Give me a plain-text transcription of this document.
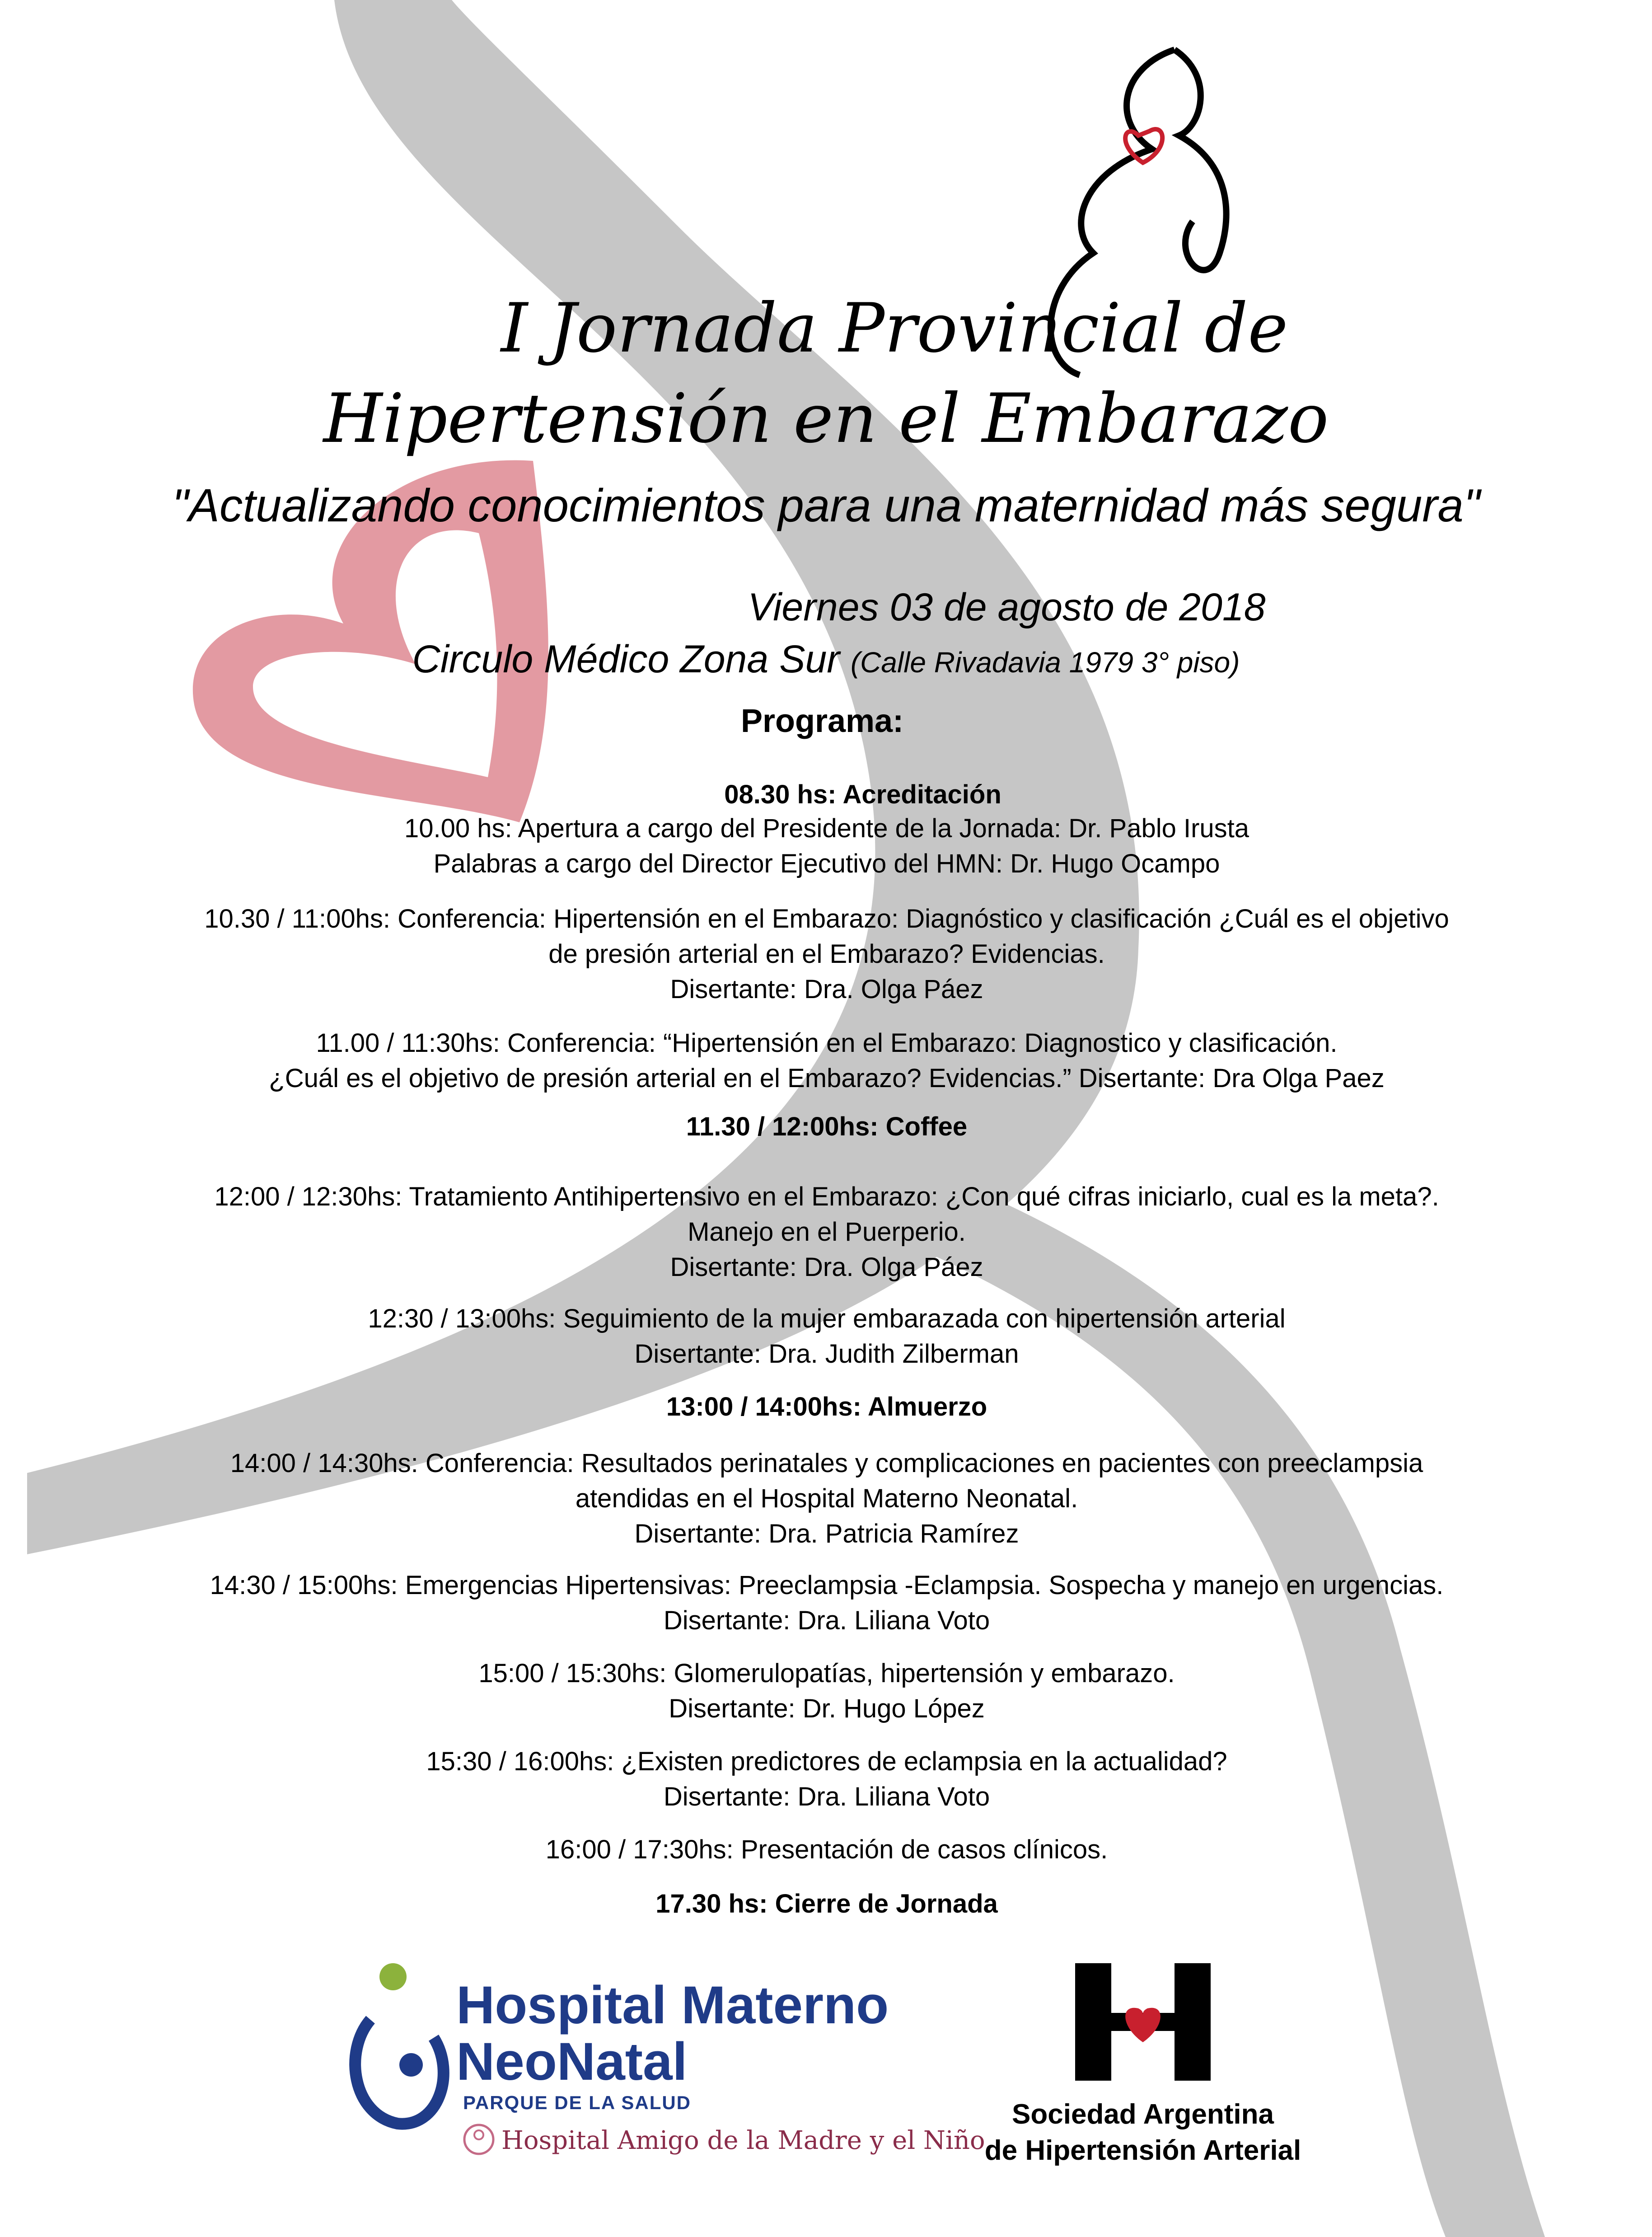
I Jornada Provincial de
Hipertensión en el Embarazo
"Actualizando conocimientos para una maternidad más segura"
Viernes 03 de agosto de 2018
Circulo Médico Zona Sur (Calle Rivadavia 1979 3° piso)
Programa:
08.30 hs: Acreditación
10.00 hs: Apertura a cargo del Presidente de la Jornada: Dr. Pablo Irusta
Palabras a cargo del Director Ejecutivo del HMN: Dr. Hugo Ocampo
10.30 / 11:00hs: Conferencia: Hipertensión en el Embarazo: Diagnóstico y clasificación ¿Cuál es el objetivo
de presión arterial en el Embarazo? Evidencias.
Disertante: Dra. Olga Páez
11.00 / 11:30hs: Conferencia: “Hipertensión en el Embarazo: Diagnostico y clasificación.
¿Cuál es el objetivo de presión arterial en el Embarazo? Evidencias.” Disertante: Dra Olga Paez
11.30 / 12:00hs: Coffee
12:00 / 12:30hs: Tratamiento Antihipertensivo en el Embarazo: ¿Con qué cifras iniciarlo, cual es la meta?.
Manejo en el Puerperio.
Disertante: Dra. Olga Páez
12:30 / 13:00hs: Seguimiento de la mujer embarazada con hipertensión arterial
Disertante: Dra. Judith Zilberman
13:00 / 14:00hs: Almuerzo
14:00 / 14:30hs: Conferencia: Resultados perinatales y complicaciones en pacientes con preeclampsia
atendidas en el Hospital Materno Neonatal.
Disertante: Dra. Patricia Ramírez
14:30 / 15:00hs: Emergencias Hipertensivas: Preeclampsia -Eclampsia. Sospecha y manejo en urgencias.
Disertante: Dra. Liliana Voto
15:00 / 15:30hs: Glomerulopatías, hipertensión y embarazo.
Disertante: Dr. Hugo López
15:30 / 16:00hs: ¿Existen predictores de eclampsia en la actualidad?
Disertante: Dra. Liliana Voto
16:00 / 17:30hs: Presentación de casos clínicos.
17.30 hs: Cierre de Jornada
Hospital Materno
NeoNatal
PARQUE DE LA SALUD
Hospital Amigo de la Madre y el Niño
Sociedad Argentina
de Hipertensión Arterial
